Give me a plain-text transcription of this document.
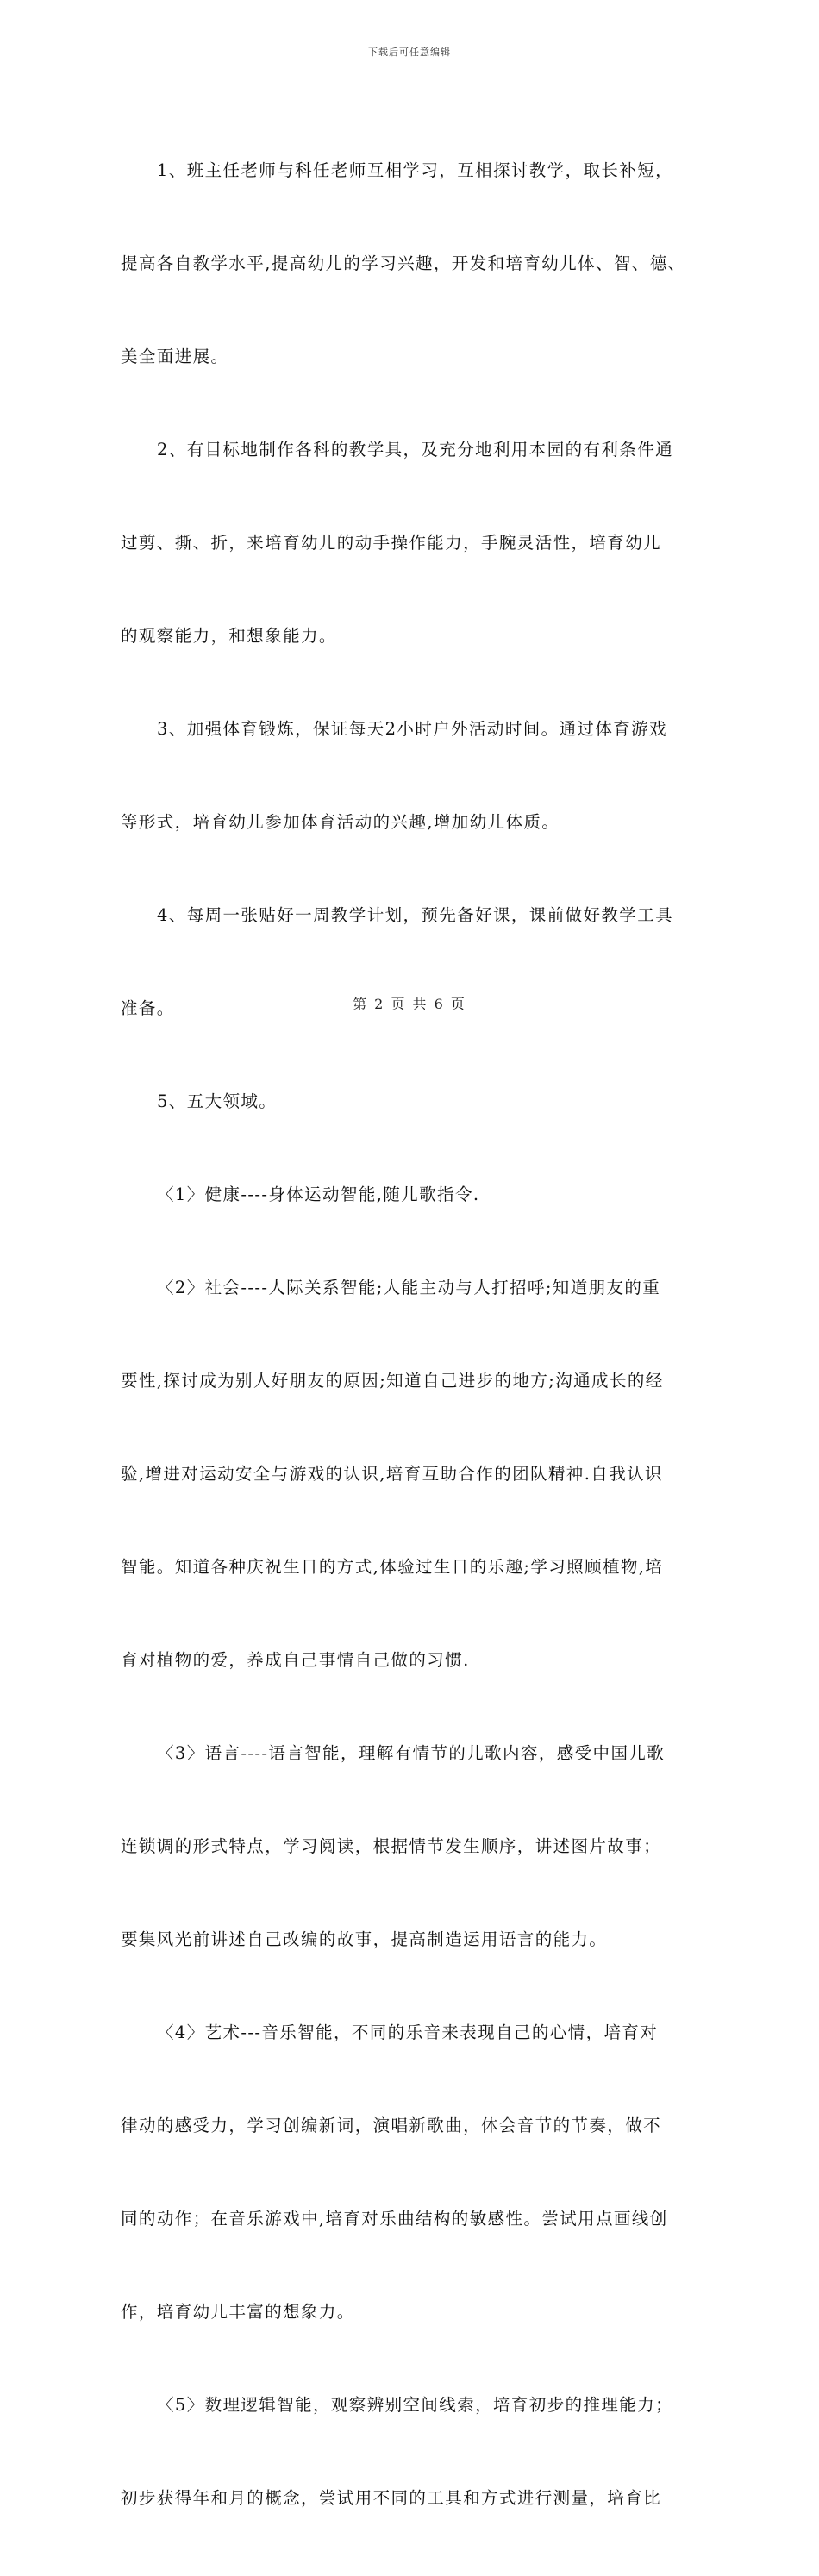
下载后可任意编辑

1、班主任老师与科任老师互相学习，互相探讨教学，取长补短，

提高各自教学水平,提高幼儿的学习兴趣，开发和培育幼儿体、智、德、

美全面进展。

2、有目标地制作各科的教学具，及充分地利用本园的有利条件通

过剪、撕、折，来培育幼儿的动手操作能力，手腕灵活性，培育幼儿

的观察能力，和想象能力。

3、加强体育锻炼，保证每天2小时户外活动时间。通过体育游戏

等形式，培育幼儿参加体育活动的兴趣,增加幼儿体质。

4、每周一张贴好一周教学计划，预先备好课，课前做好教学工具

准备。

5、五大领域。

〈1〉健康----身体运动智能,随儿歌指令.

〈2〉社会----人际关系智能;人能主动与人打招呼;知道朋友的重

要性,探讨成为别人好朋友的原因;知道自己进步的地方;沟通成长的经

验,增进对运动安全与游戏的认识,培育互助合作的团队精神.自我认识

智能。知道各种庆祝生日的方式,体验过生日的乐趣;学习照顾植物,培

育对植物的爱，养成自己事情自己做的习惯.

〈3〉语言----语言智能，理解有情节的儿歌内容，感受中国儿歌

连锁调的形式特点，学习阅读，根据情节发生顺序，讲述图片故事；

要集风光前讲述自己改编的故事，提高制造运用语言的能力。

〈4〉艺术---音乐智能，不同的乐音来表现自己的心情，培育对

律动的感受力，学习创编新词，演唱新歌曲，体会音节的节奏，做不

同的动作；在音乐游戏中,培育对乐曲结构的敏感性。尝试用点画线创

作，培育幼儿丰富的想象力。

〈5〉数理逻辑智能，观察辨别空间线索，培育初步的推理能力；

初步获得年和月的概念，尝试用不同的工具和方式进行测量，培育比

第 2 页 共 6 页
